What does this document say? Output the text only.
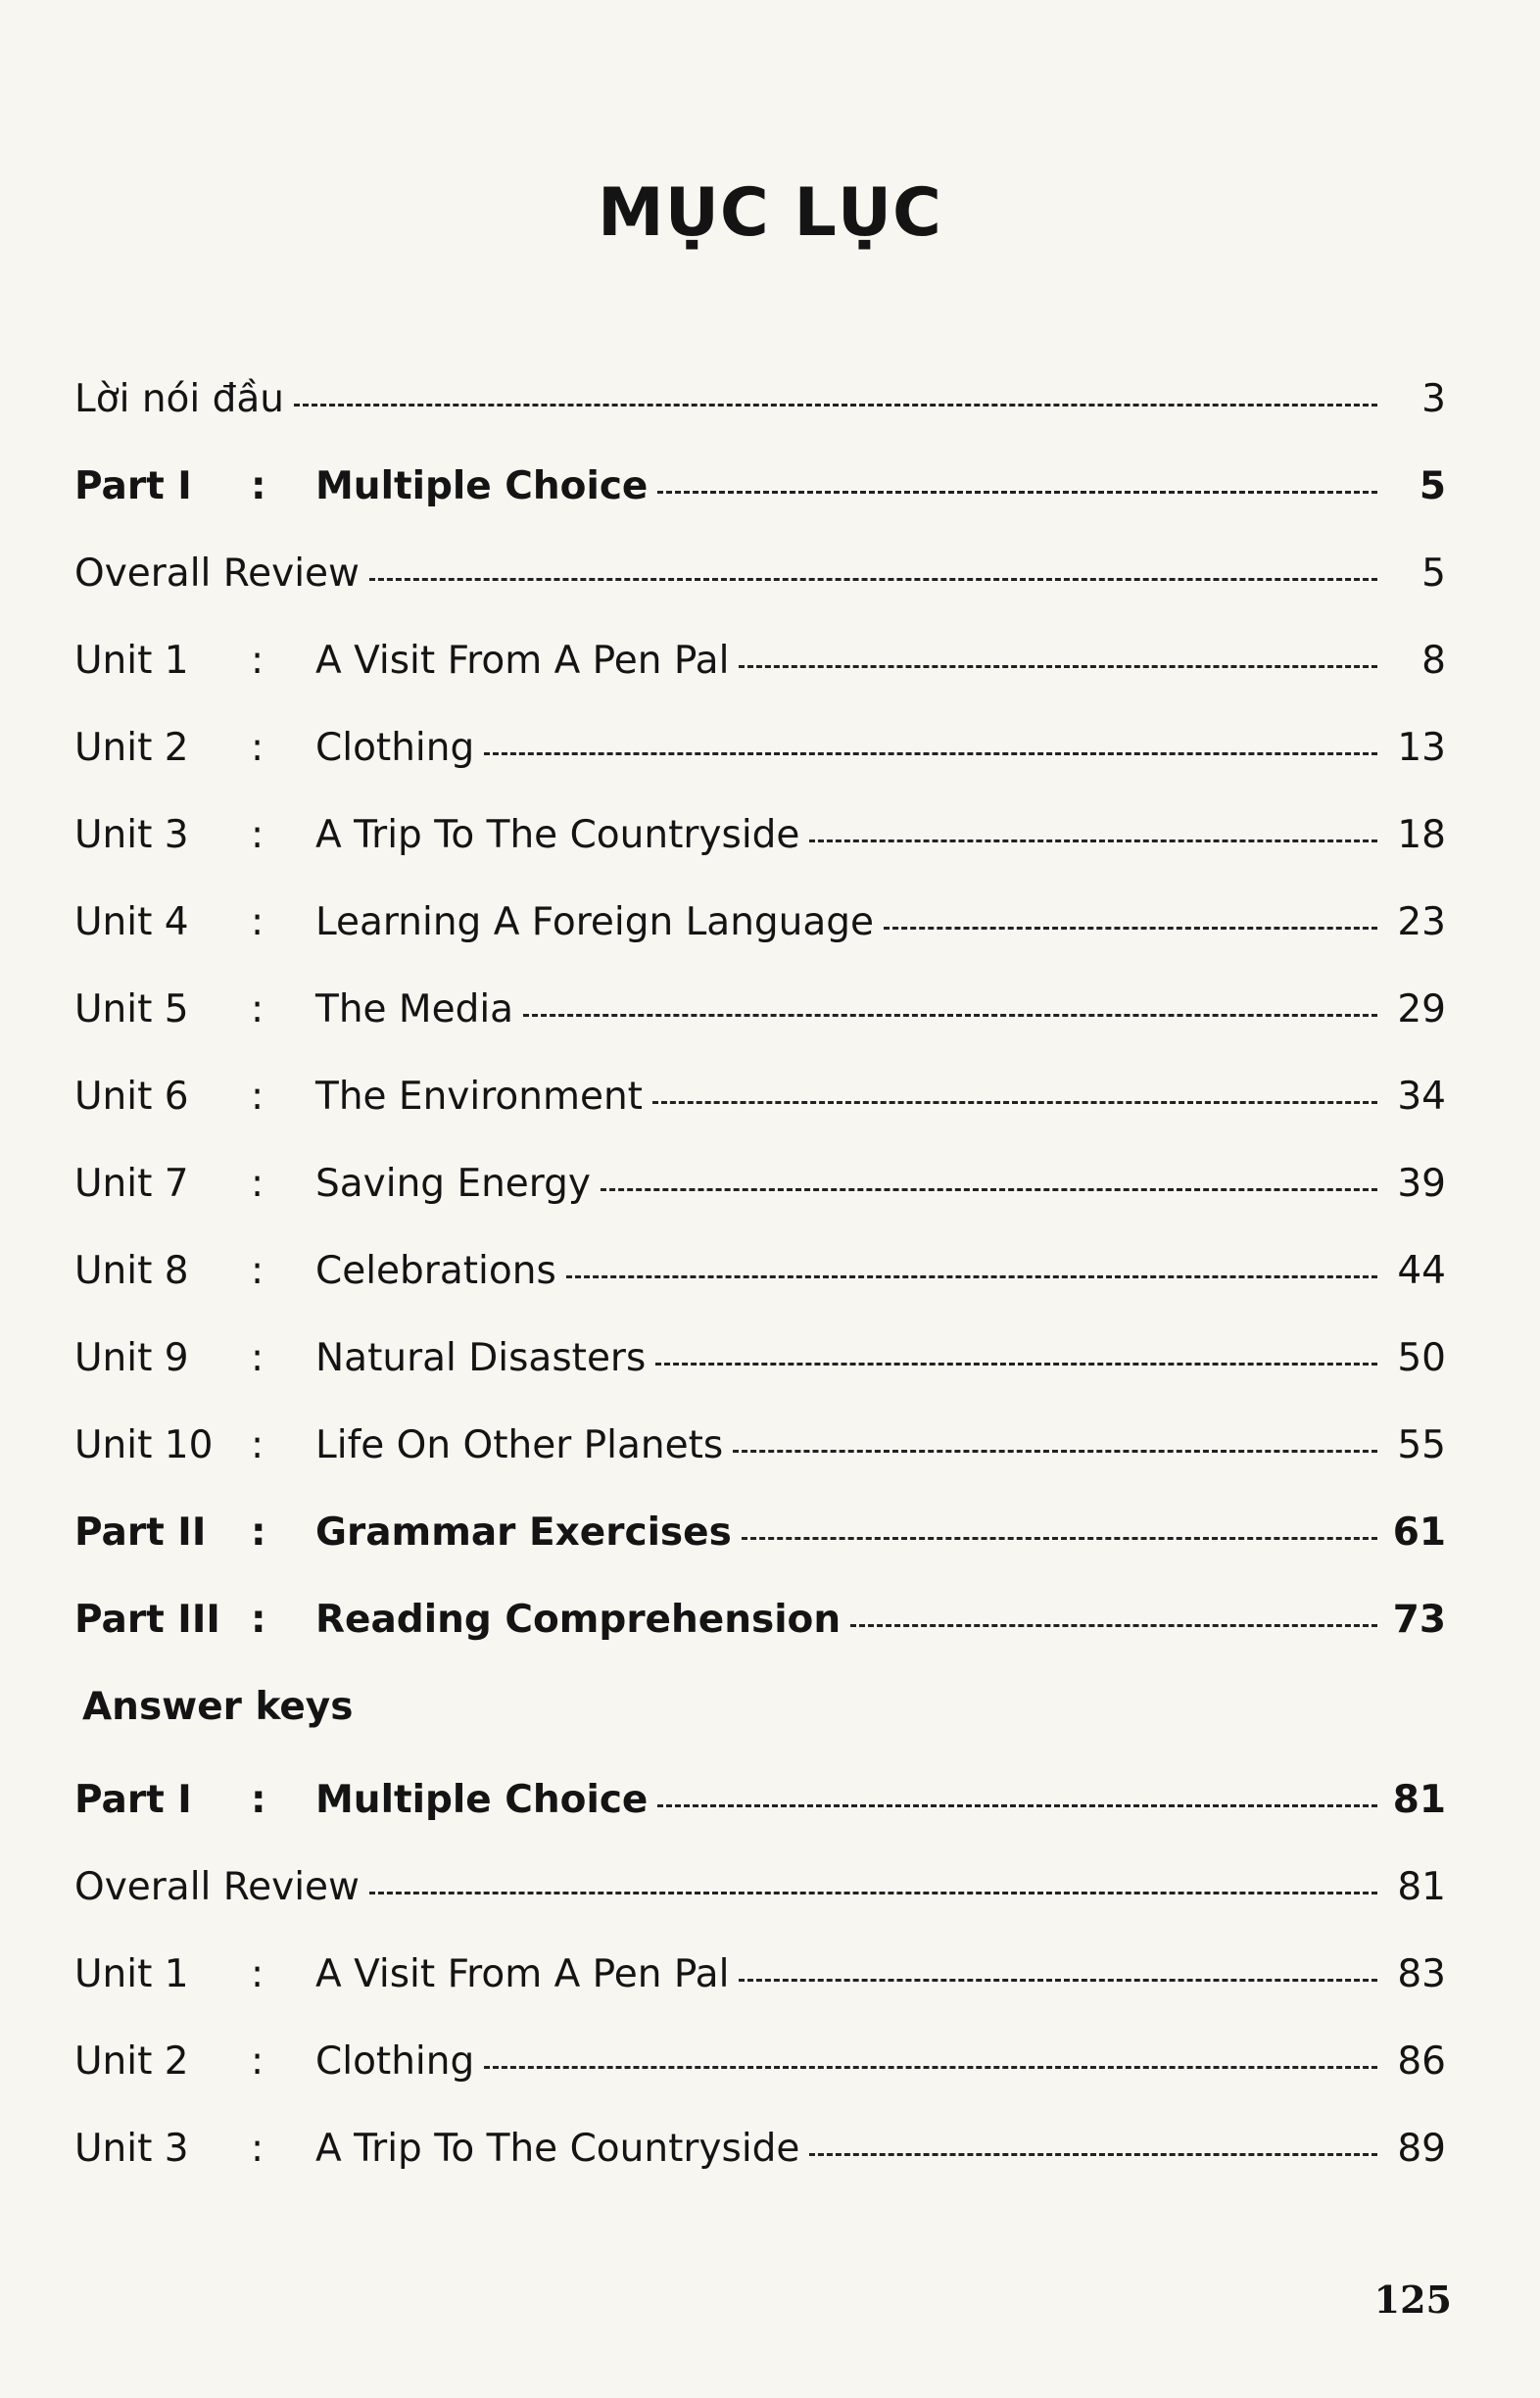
MỤC LỤC
Lời nói đầu	3
Part I	:	Multiple Choice	5
Overall Review	5
Unit 1	:	A Visit From A Pen Pal	8
Unit 2	:	Clothing	13
Unit 3	:	A Trip To The Countryside	18
Unit 4	:	Learning A Foreign Language	23
Unit 5	:	The Media	29
Unit 6	:	The Environment	34
Unit 7	:	Saving Energy	39
Unit 8	:	Celebrations	44
Unit 9	:	Natural Disasters	50
Unit 10 :	Life On Other Planets	55
Part II	:	Grammar Exercises	61
Part III :	Reading Comprehension	73
Answer keys
Part I	:	Multiple Choice	81
Overall Review	81
Unit 1	:	A Visit From A Pen Pal	83
Unit 2	:	Clothing	86
Unit 3	:	A Trip To The Countryside	89
125
